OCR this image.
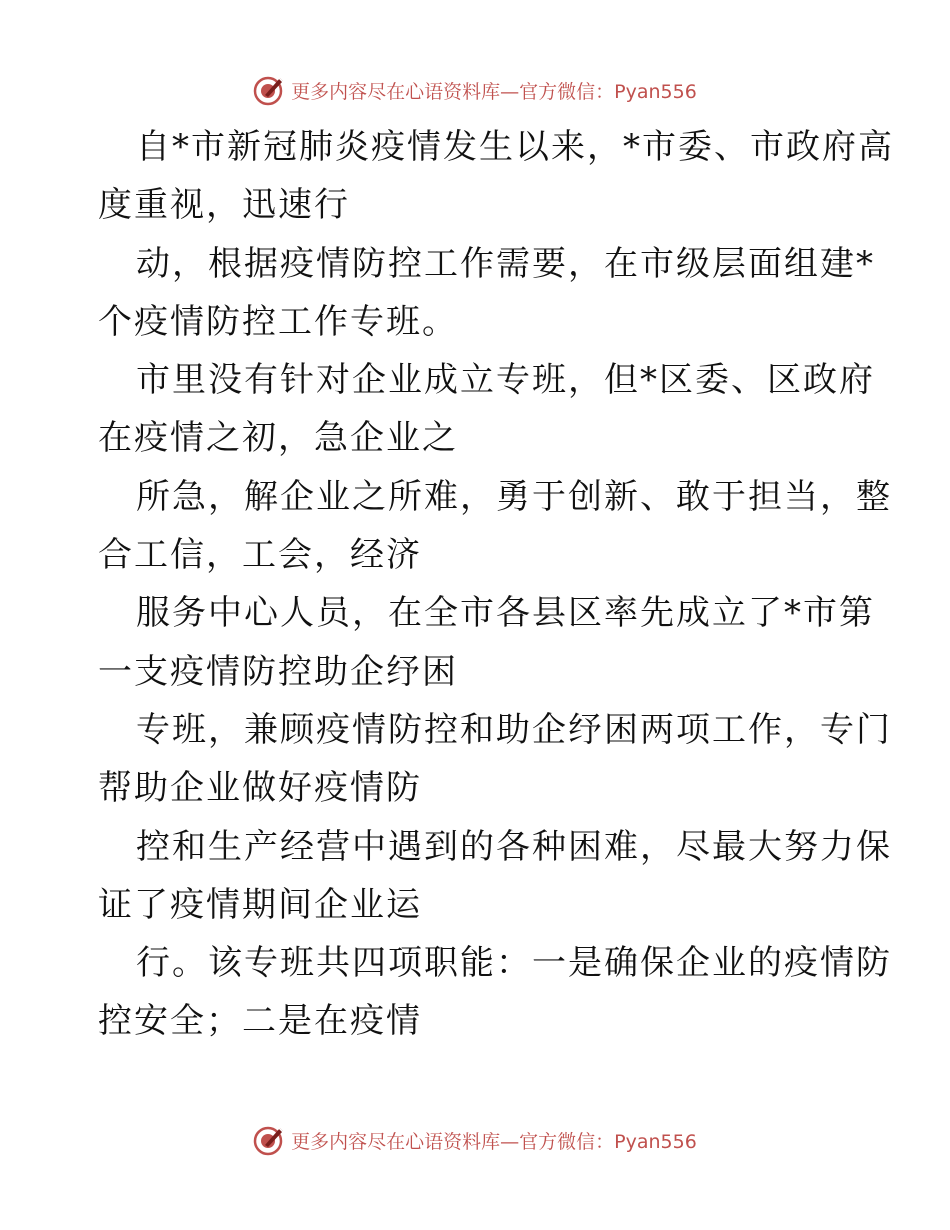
更多内容尽在心语资料库—官方微信：Pyan556
自*市新冠肺炎疫情发生以来，*市委、市政府高
度重视，迅速行
动，根据疫情防控工作需要，在市级层面组建*
个疫情防控工作专班。
市里没有针对企业成立专班，但*区委、区政府
在疫情之初，急企业之
所急，解企业之所难，勇于创新、敢于担当，整
合工信，工会，经济
服务中心人员，在全市各县区率先成立了*市第
一支疫情防控助企纾困
专班，兼顾疫情防控和助企纾困两项工作，专门
帮助企业做好疫情防
控和生产经营中遇到的各种困难，尽最大努力保
证了疫情期间企业运
行。该专班共四项职能：一是确保企业的疫情防
控安全；二是在疫情
更多内容尽在心语资料库—官方微信：Pyan556
